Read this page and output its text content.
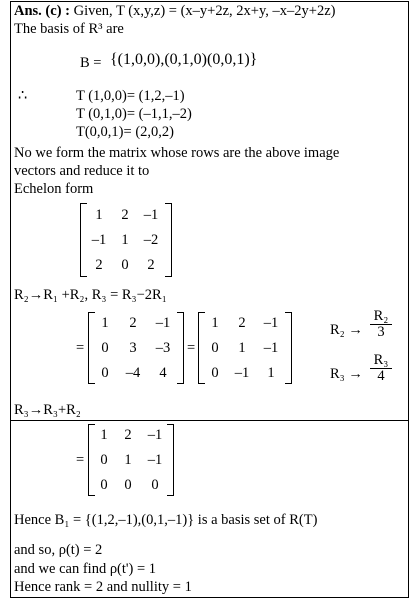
Ans. (c) : Given, T (x,y,z) = (x–y+2z, 2x+y, –x–2y+2z)
The basis of R³ are
B = {(1,0,0),(0,1,0)(0,0,1)}
∴	T (1,0,0)= (1,2,–1)
T (0,1,0)= (–1,1,–2)
T(0,0,1)= (2,0,2)
No we form the matrix whose rows are the above image
vectors and reduce it to
Echelon form
1	2	–1
–1	1	–2
2	0	2
R₂→R₁ +R₂, R₃ = R₃−2R₁
=
1	2	–1
0	3	–3
0	–4	4
=
1	2	–1
0	1	–1
0	–1	1
$R_2 \to \frac{\text{R₂}}{3}$
$R_3 \to \frac{\text{R₃}}{4}$
R₃→R₃+R₂
=
1	2	–1
0	1	–1
0	0	0
Hence B₁ = {(1,2,–1),(0,1,–1)} is a basis set of R(T)
and so, ρ(t) = 2
and we can find ρ(t') = 1
Hence rank = 2 and nullity = 1
